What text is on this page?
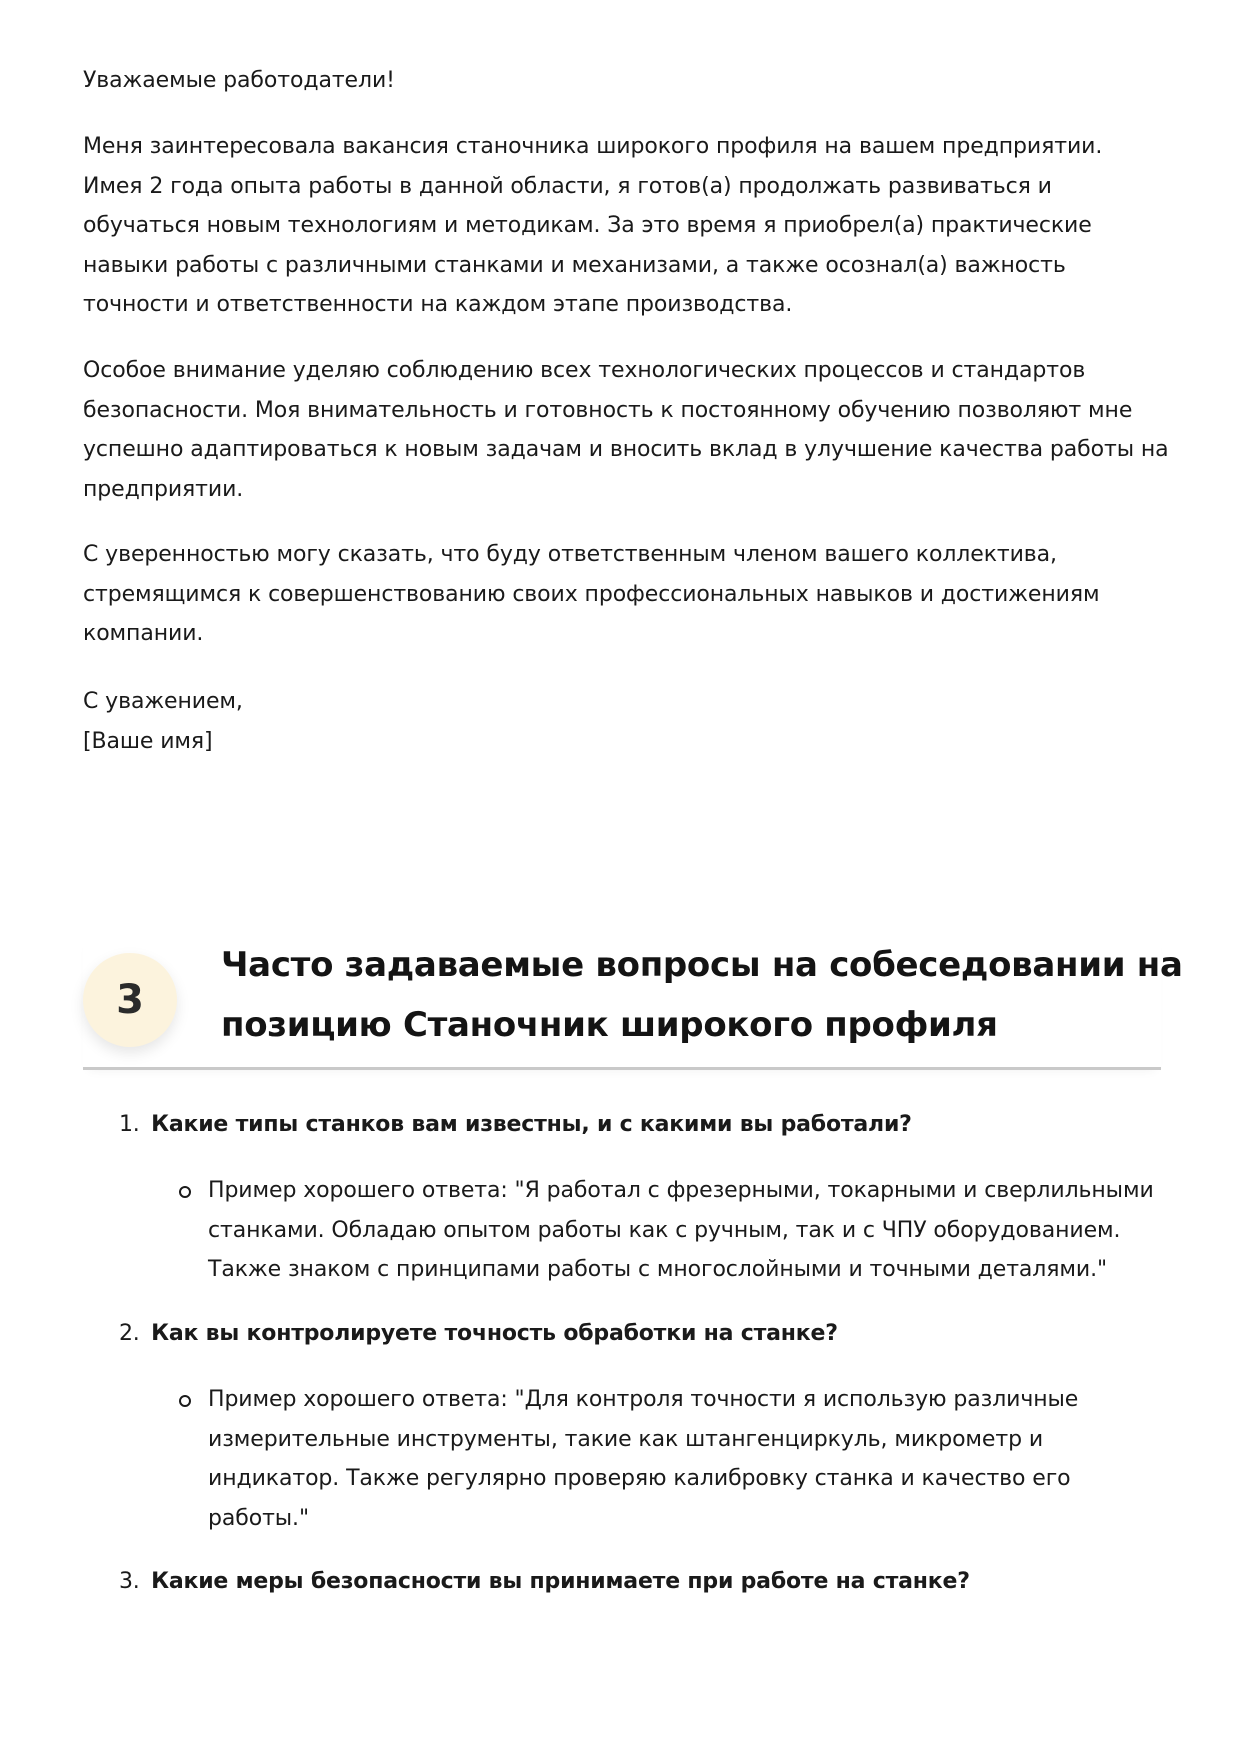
Уважаемые работодатели!

Меня заинтересовала вакансия станочника широкого профиля на вашем предприятии.
Имея 2 года опыта работы в данной области, я готов(а) продолжать развиваться и
обучаться новым технологиям и методикам. За это время я приобрел(а) практические
навыки работы с различными станками и механизами, а также осознал(а) важность
точности и ответственности на каждом этапе производства.

Особое внимание уделяю соблюдению всех технологических процессов и стандартов
безопасности. Моя внимательность и готовность к постоянному обучению позволяют мне
успешно адаптироваться к новым задачам и вносить вклад в улучшение качества работы на
предприятии.

С уверенностью могу сказать, что буду ответственным членом вашего коллектива,
стремящимся к совершенствованию своих профессиональных навыков и достижениям
компании.

С уважением,
[Ваше имя]

3
Часто задаваемые вопросы на собеседовании на
позицию Станочник широкого профиля
1. Какие типы станков вам известны, и с какими вы работали?
Пример хорошего ответа: "Я работал с фрезерными, токарными и сверлильными
станками. Обладаю опытом работы как с ручным, так и с ЧПУ оборудованием.
Также знаком с принципами работы с многослойными и точными деталями."
2. Как вы контролируете точность обработки на станке?
Пример хорошего ответа: "Для контроля точности я использую различные
измерительные инструменты, такие как штангенциркуль, микрометр и
индикатор. Также регулярно проверяю калибровку станка и качество его
работы."
3. Какие меры безопасности вы принимаете при работе на станке?
